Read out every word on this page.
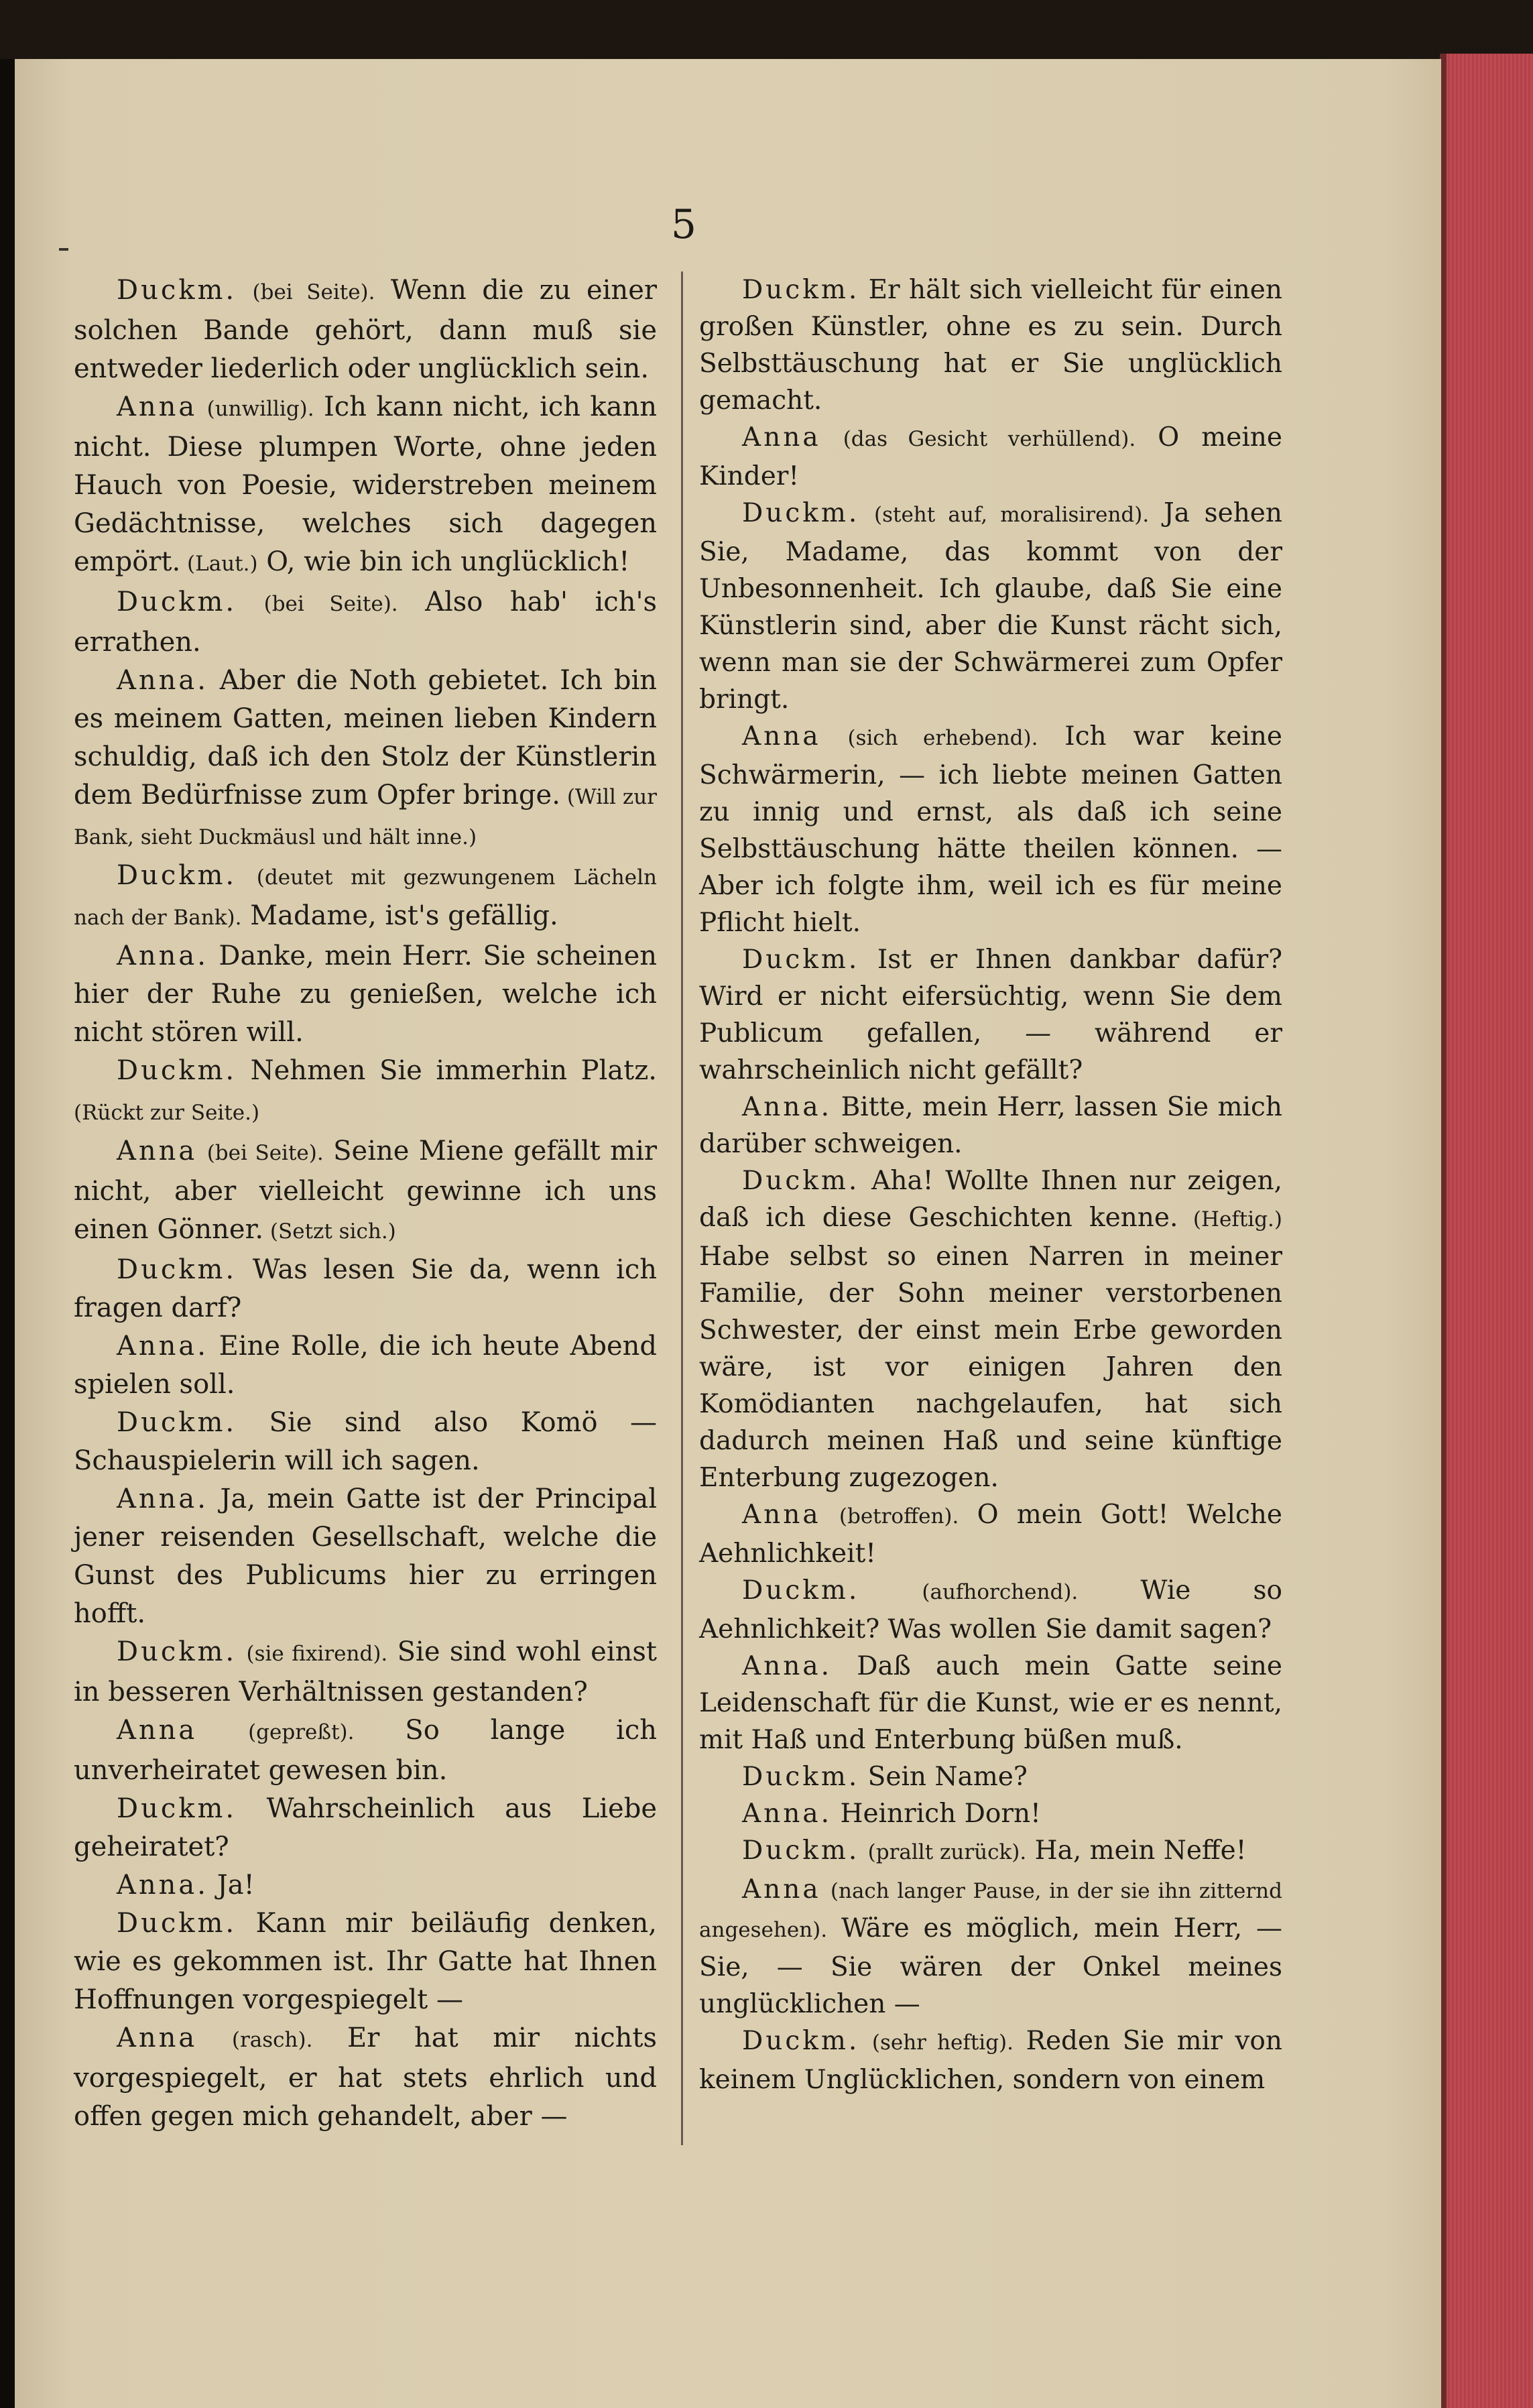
5

Duckm. (bei Seite). Wenn die zu einer solchen Bande gehört, dann muß sie entweder liederlich oder unglücklich sein.

Anna (unwillig). Ich kann nicht, ich kann nicht. Diese plumpen Worte, ohne jeden Hauch von Poesie, widerstreben meinem Gedächtnisse, welches sich dagegen empört. (Laut.) O, wie bin ich unglücklich!

Duckm. (bei Seite). Also hab' ich's errathen.

Anna. Aber die Noth gebietet. Ich bin es meinem Gatten, meinen lieben Kindern schuldig, daß ich den Stolz der Künstlerin dem Bedürfnisse zum Opfer bringe. (Will zur Bank, sieht Duckmäusl und hält inne.)

Duckm. (deutet mit gezwungenem Lächeln nach der Bank). Madame, ist's gefällig.

Anna. Danke, mein Herr. Sie scheinen hier der Ruhe zu genießen, welche ich nicht stören will.

Duckm. Nehmen Sie immerhin Platz. (Rückt zur Seite.)

Anna (bei Seite). Seine Miene gefällt mir nicht, aber vielleicht gewinne ich uns einen Gönner. (Setzt sich.)

Duckm. Was lesen Sie da, wenn ich fragen darf?

Anna. Eine Rolle, die ich heute Abend spielen soll.

Duckm. Sie sind also Komö — Schauspielerin will ich sagen.

Anna. Ja, mein Gatte ist der Principal jener reisenden Gesellschaft, welche die Gunst des Publicums hier zu erringen hofft.

Duckm. (sie fixirend). Sie sind wohl einst in besseren Verhältnissen gestanden?

Anna (gepreßt). So lange ich unverheiratet gewesen bin.

Duckm. Wahrscheinlich aus Liebe geheiratet?

Anna. Ja!

Duckm. Kann mir beiläufig denken, wie es gekommen ist. Ihr Gatte hat Ihnen Hoffnungen vorgespiegelt —

Anna (rasch). Er hat mir nichts vorgespiegelt, er hat stets ehrlich und offen gegen mich gehandelt, aber —

Duckm. Er hält sich vielleicht für einen großen Künstler, ohne es zu sein. Durch Selbsttäuschung hat er Sie unglücklich gemacht.

Anna (das Gesicht verhüllend). O meine Kinder!

Duckm. (steht auf, moralisirend). Ja sehen Sie, Madame, das kommt von der Unbesonnenheit. Ich glaube, daß Sie eine Künstlerin sind, aber die Kunst rächt sich, wenn man sie der Schwärmerei zum Opfer bringt.

Anna (sich erhebend). Ich war keine Schwärmerin, — ich liebte meinen Gatten zu innig und ernst, als daß ich seine Selbsttäuschung hätte theilen können. — Aber ich folgte ihm, weil ich es für meine Pflicht hielt.

Duckm. Ist er Ihnen dankbar dafür? Wird er nicht eifersüchtig, wenn Sie dem Publicum gefallen, — während er wahrscheinlich nicht gefällt?

Anna. Bitte, mein Herr, lassen Sie mich darüber schweigen.

Duckm. Aha! Wollte Ihnen nur zeigen, daß ich diese Geschichten kenne. (Heftig.) Habe selbst so einen Narren in meiner Familie, der Sohn meiner verstorbenen Schwester, der einst mein Erbe geworden wäre, ist vor einigen Jahren den Komödianten nachgelaufen, hat sich dadurch meinen Haß und seine künftige Enterbung zugezogen.

Anna (betroffen). O mein Gott! Welche Aehnlichkeit!

Duckm.	(aufhorchend). Wie so Aehnlichkeit? Was wollen Sie damit sagen?

Anna. Daß auch mein Gatte seine Leidenschaft für die Kunst, wie er es nennt, mit Haß und Enterbung büßen muß.

Duckm. Sein Name?

Anna. Heinrich Dorn!

Duckm. (prallt zurück). Ha, mein Neffe!

Anna (nach langer Pause, in der sie ihn zitternd angesehen). Wäre es möglich, mein Herr, — Sie, — Sie wären der Onkel meines unglücklichen —

Duckm. (sehr heftig). Reden Sie mir von keinem Unglücklichen, sondern von einem
